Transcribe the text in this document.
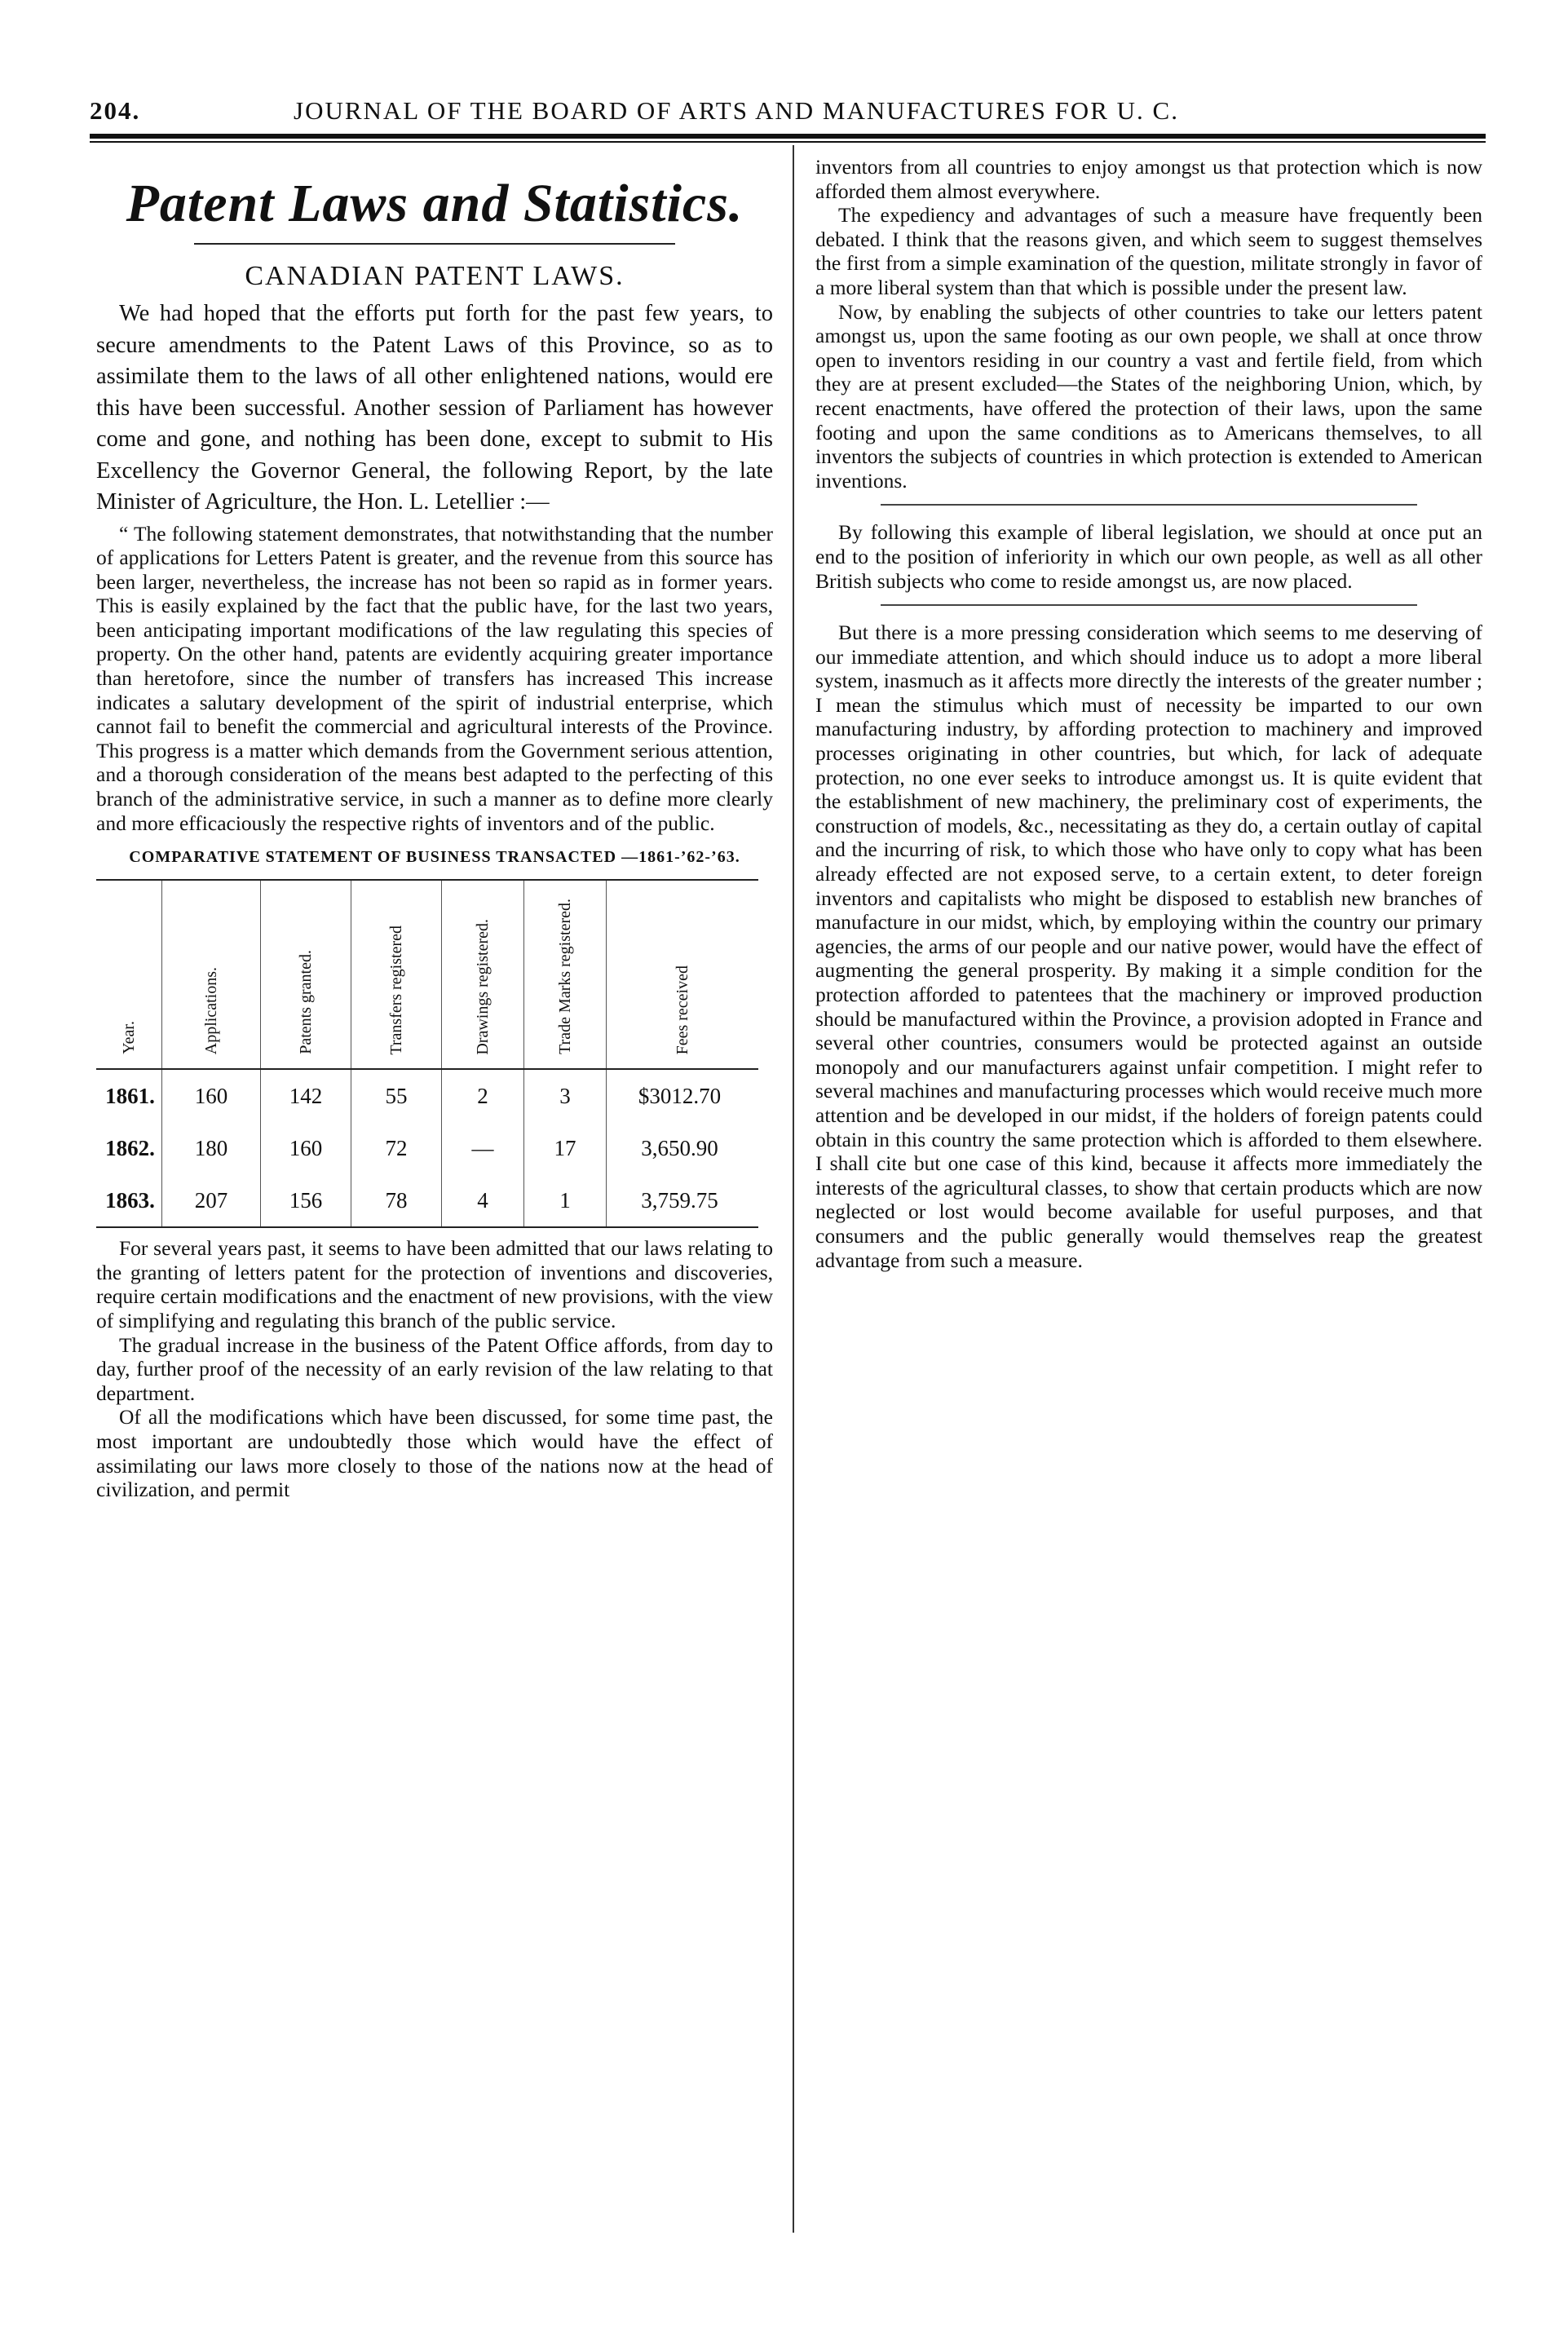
204.	JOURNAL OF THE BOARD OF ARTS AND MANUFACTURES FOR U. C.
Patent Laws and Statistics.
CANADIAN PATENT LAWS.

We had hoped that the efforts put forth for the past few years, to secure amendments to the Patent Laws of this Province, so as to assimilate them to the laws of all other enlightened nations, would ere this have been successful. Another session of Parliament has however come and gone, and nothing has been done, except to submit to His Excellency the Governor General, the following Report, by the late Minister of Agriculture, the Hon. L. Letellier :—

“ The following statement demonstrates, that notwithstanding that the number of applications for Letters Patent is greater, and the revenue from this source has been larger, nevertheless, the increase has not been so rapid as in former years. This is easily explained by the fact that the public have, for the last two years, been anticipating important modifications of the law regulating this species of property. On the other hand, patents are evidently acquiring greater importance than heretofore, since the number of transfers has increased This increase indicates a salutary development of the spirit of industrial enterprise, which cannot fail to benefit the commercial and agricultural interests of the Province. This progress is a matter which demands from the Government serious attention, and a thorough consideration of the means best adapted to the perfecting of this branch of the administrative service, in such a manner as to define more clearly and more efficaciously the respective rights of inventors and of the public.

COMPARATIVE STATEMENT OF BUSINESS TRANSACTED —1861-’62-’63.
Year.	Applications.	Patents granted.	Transfers registered	Drawings registered.	Trade Marks registered.	Fees received
1861.	160	142	55	2	3	$3012.70
1862.	180	160	72	—	17	3,650.90
1863.	207	156	78	4	1	3,759.75

For several years past, it seems to have been admitted that our laws relating to the granting of letters patent for the protection of inventions and discoveries, require certain modifications and the enactment of new provisions, with the view of simplifying and regulating this branch of the public service.

The gradual increase in the business of the Patent Office affords, from day to day, further proof of the necessity of an early revision of the law relating to that department.

Of all the modifications which have been discussed, for some time past, the most important are undoubtedly those which would have the effect of assimilating our laws more closely to those of the nations now at the head of civilization, and permit

inventors from all countries to enjoy amongst us that protection which is now afforded them almost everywhere.

The expediency and advantages of such a measure have frequently been debated. I think that the reasons given, and which seem to suggest themselves the first from a simple examination of the question, militate strongly in favor of a more liberal system than that which is possible under the present law.

Now, by enabling the subjects of other countries to take our letters patent amongst us, upon the same footing as our own people, we shall at once throw open to inventors residing in our country a vast and fertile field, from which they are at present excluded—the States of the neighboring Union, which, by recent enactments, have offered the protection of their laws, upon the same footing and upon the same conditions as to Americans themselves, to all inventors the subjects of countries in which protection is extended to American inventions.

By following this example of liberal legislation, we should at once put an end to the position of inferiority in which our own people, as well as all other British subjects who come to reside amongst us, are now placed.

But there is a more pressing consideration which seems to me deserving of our immediate attention, and which should induce us to adopt a more liberal system, inasmuch as it affects more directly the interests of the greater number ; I mean the stimulus which must of necessity be imparted to our own manufacturing industry, by affording protection to machinery and improved processes originating in other countries, but which, for lack of adequate protection, no one ever seeks to introduce amongst us. It is quite evident that the establishment of new machinery, the preliminary cost of experiments, the construction of models, &c., necessitating as they do, a certain outlay of capital and the incurring of risk, to which those who have only to copy what has been already effected are not exposed serve, to a certain extent, to deter foreign inventors and capitalists who might be disposed to establish new branches of manufacture in our midst, which, by employing within the country our primary agencies, the arms of our people and our native power, would have the effect of augmenting the general prosperity. By making it a simple condition for the protection afforded to patentees that the machinery or improved production should be manufactured within the Province, a provision adopted in France and several other countries, consumers would be protected against an outside monopoly and our manufacturers against unfair competition. I might refer to several machines and manufacturing processes which would receive much more attention and be developed in our midst, if the holders of foreign patents could obtain in this country the same protection which is afforded to them elsewhere. I shall cite but one case of this kind, because it affects more immediately the interests of the agricultural classes, to show that certain products which are now neglected or lost would become available for useful purposes, and that consumers and the public generally would themselves reap the greatest advantage from such a measure.
